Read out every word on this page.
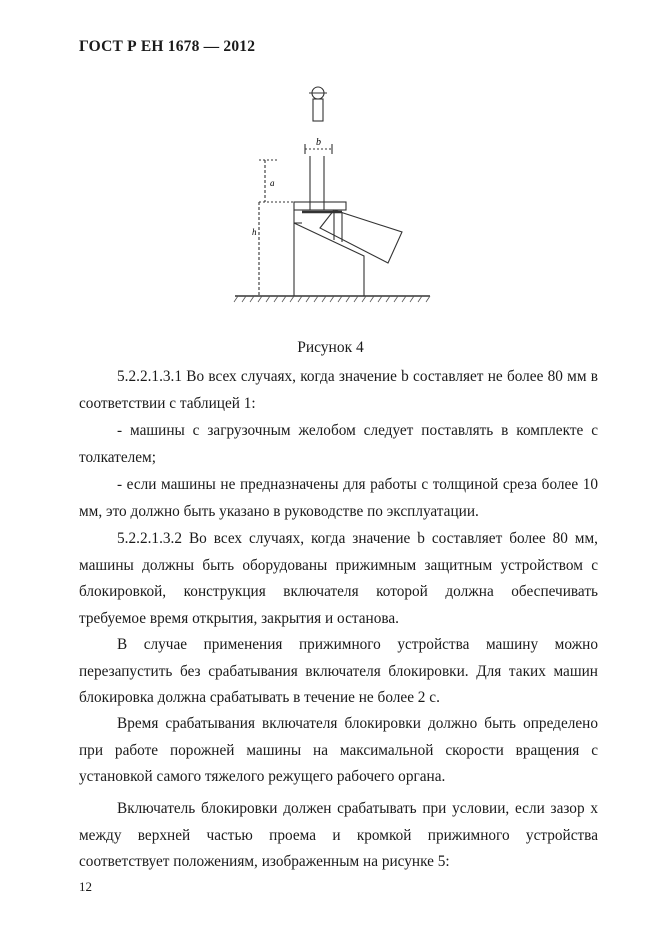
ГОСТ Р ЕН 1678 — 2012
b
a
h
Рисунок 4
5.2.2.1.3.1 Во всех случаях, когда значение b составляет не более 80 мм в соответствии с таблицей 1:
- машины с загрузочным желобом следует поставлять в комплекте с толкателем;
- если машины не предназначены для работы с толщиной среза более 10 мм, это должно быть указано в руководстве по эксплуатации.
5.2.2.1.3.2 Во всех случаях, когда значение b составляет более 80 мм, машины должны быть оборудованы прижимным защитным устройством с блокировкой, конструкция включателя которой должна обеспечивать требуемое время открытия, закрытия и останова.
В случае применения прижимного устройства машину можно перезапустить без срабатывания включателя блокировки. Для таких машин блокировка должна срабатывать в течение не более 2 с.
Время срабатывания включателя блокировки должно быть определено при работе порожней машины на максимальной скорости вращения с установкой самого тяжелого режущего рабочего органа.
Включатель блокировки должен срабатывать при условии, если зазор x между верхней частью проема и кромкой прижимного устройства соответствует положениям, изображенным на рисунке 5:
12
